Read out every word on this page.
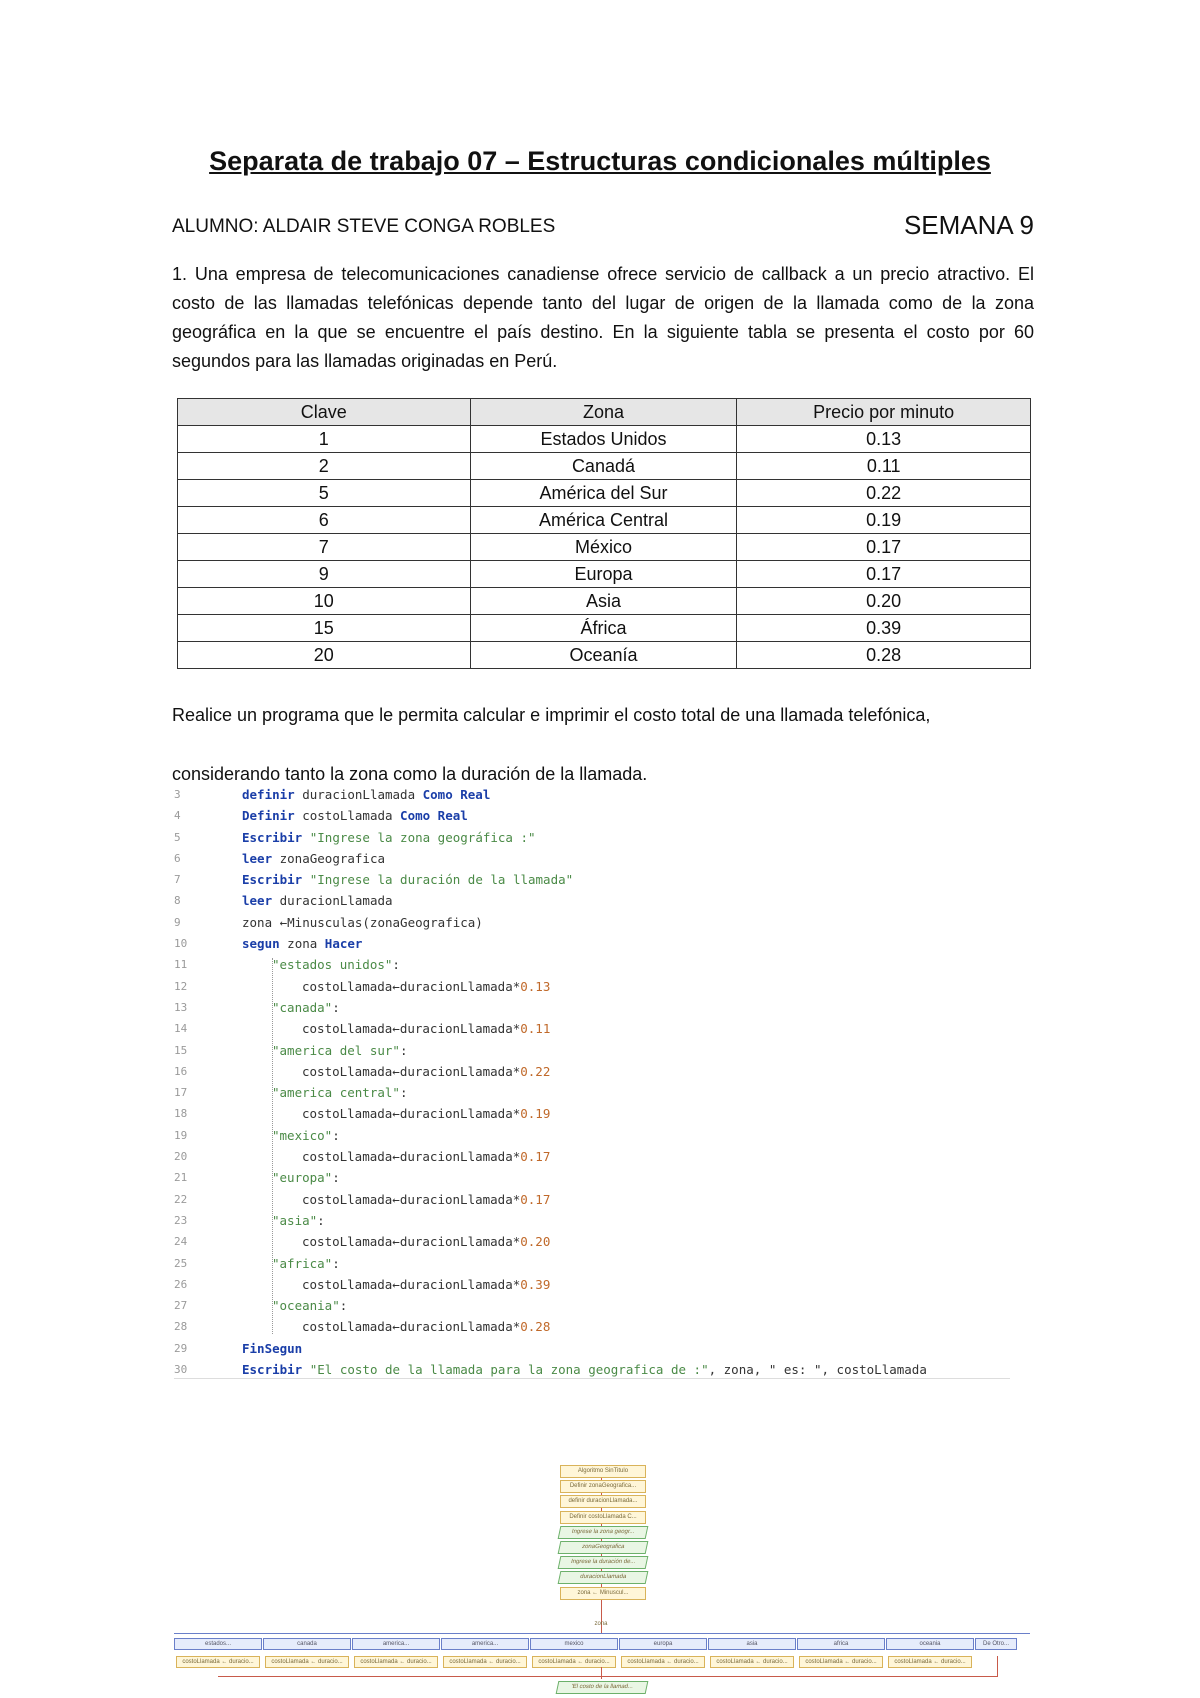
Separata de trabajo 07 – Estructuras condicionales múltiples
ALUMNO: ALDAIR STEVE CONGA ROBLES	SEMANA 9
1. Una empresa de telecomunicaciones canadiense ofrece servicio de callback a un precio atractivo. El costo de las llamadas telefónicas depende tanto del lugar de origen de la llamada como de la zona geográfica en la que se encuentre el país destino. En la siguiente tabla se presenta el costo por 60 segundos para las llamadas originadas en Perú.
Clave	Zona	Precio por minuto
1	Estados Unidos	0.13
2	Canadá	0.11
5	América del Sur	0.22
6	América Central	0.19
7	México	0.17
9	Europa	0.17
10	Asia	0.20
15	África	0.39
20	Oceanía	0.28
Realice un programa que le permita calcular e imprimir el costo total de una llamada telefónica,
considerando tanto la zona como la duración de la llamada.
3	definir duracionLlamada Como Real
4	Definir costoLlamada Como Real
5	Escribir "Ingrese la zona geográfica :"
6	leer zonaGeografica
7	Escribir "Ingrese la duración de la llamada"
8	leer duracionLlamada
9	zona ←Minusculas(zonaGeografica)
10	segun zona Hacer
11	"estados unidos":
12	costoLlamada←duracionLlamada*0.13
13	"canada":
14	costoLlamada←duracionLlamada*0.11
15	"america del sur":
16	costoLlamada←duracionLlamada*0.22
17	"america central":
18	costoLlamada←duracionLlamada*0.19
19	"mexico":
20	costoLlamada←duracionLlamada*0.17
21	"europa":
22	costoLlamada←duracionLlamada*0.17
23	"asia":
24	costoLlamada←duracionLlamada*0.20
25	"africa":
26	costoLlamada←duracionLlamada*0.39
27	"oceania":
28	costoLlamada←duracionLlamada*0.28
29	FinSegun
30	Escribir "El costo de la llamada para la zona geografica de :", zona, " es: ", costoLlamada
Algoritmo SinTitulo
Definir zonaGeografica...
definir duracionLlamada...
Definir costoLlamada C...
Ingrese la zona geogr...
zonaGeografica
Ingrese la duración de...
duracionLlamada
zona ← Minuscul...
zona
estados...	canada	america...	america...	mexico	europa	asia	africa	oceania	De Otro...
costoLlamada ← duracio...	costoLlamada ← duracio...	costoLlamada ← duracio...	costoLlamada ← duracio...	costoLlamada ← duracio...	costoLlamada ← duracio...	costoLlamada ← duracio...	costoLlamada ← duracio...	costoLlamada ← duracio...
'El costo de la llamad...
